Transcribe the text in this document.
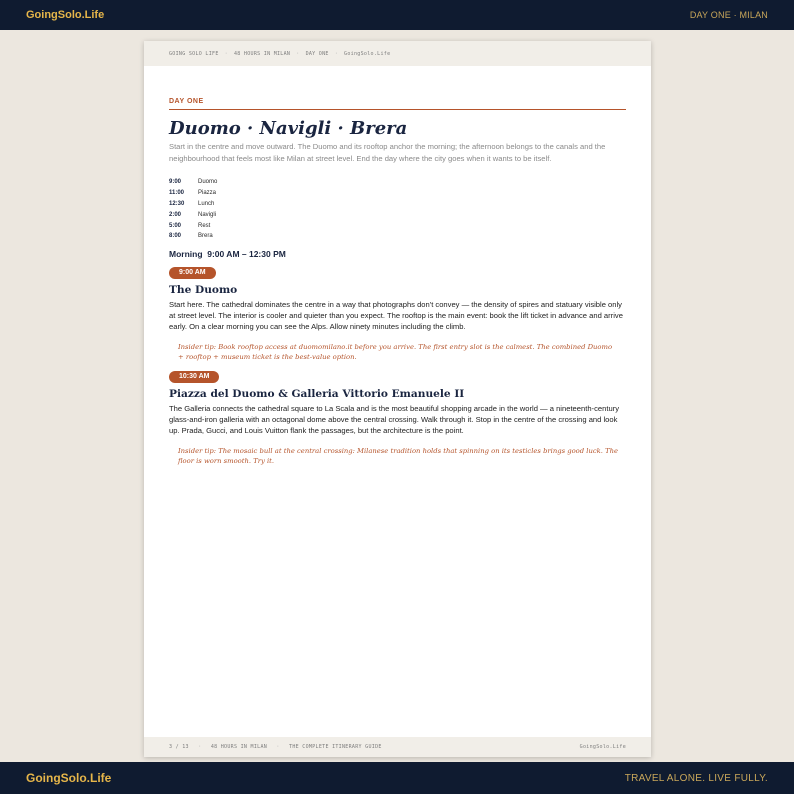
GoingSolo.Life	DAY ONE · MILAN
GOING SOLO LIFE · 48 HOURS IN MILAN · DAY ONE · GoingSolo.Life
DAY ONE
Duomo · Navigli · Brera

Start in the centre and move outward. The Duomo and its rooftop anchor the morning; the afternoon belongs to the canals and the neighbourhood that feels most like Milan at street level. End the day where the city goes when it wants to be itself.

9:00	Duomo
11:00	Piazza
12:30	Lunch
2:00	Navigli
5:00	Rest
8:00	Brera
Morning  9:00 AM – 12:30 PM
9:00 AM
The Duomo

Start here. The cathedral dominates the centre in a way that photographs don't convey — the density of spires and statuary visible only at street level. The interior is cooler and quieter than you expect. The rooftop is the main event: book the lift ticket in advance and arrive early. On a clear morning you can see the Alps. Allow ninety minutes including the climb.

Insider tip: Book rooftop access at duomomilano.it before you arrive. The first entry slot is the calmest. The combined Duomo + rooftop + museum ticket is the best-value option.

10:30 AM
Piazza del Duomo & Galleria Vittorio Emanuele II

The Galleria connects the cathedral square to La Scala and is the most beautiful shopping arcade in the world — a nineteenth-century glass-and-iron galleria with an octagonal dome above the central crossing. Walk through it. Stop in the centre of the crossing and look up. Prada, Gucci, and Louis Vuitton flank the passages, but the architecture is the point.

Insider tip: The mosaic bull at the central crossing: Milanese tradition holds that spinning on its testicles brings good luck. The floor is worn smooth. Try it.

3 / 13 · 48 HOURS IN MILAN · THE COMPLETE ITINERARY GUIDE	GoingSolo.Life
GoingSolo.Life	TRAVEL ALONE. LIVE FULLY.
